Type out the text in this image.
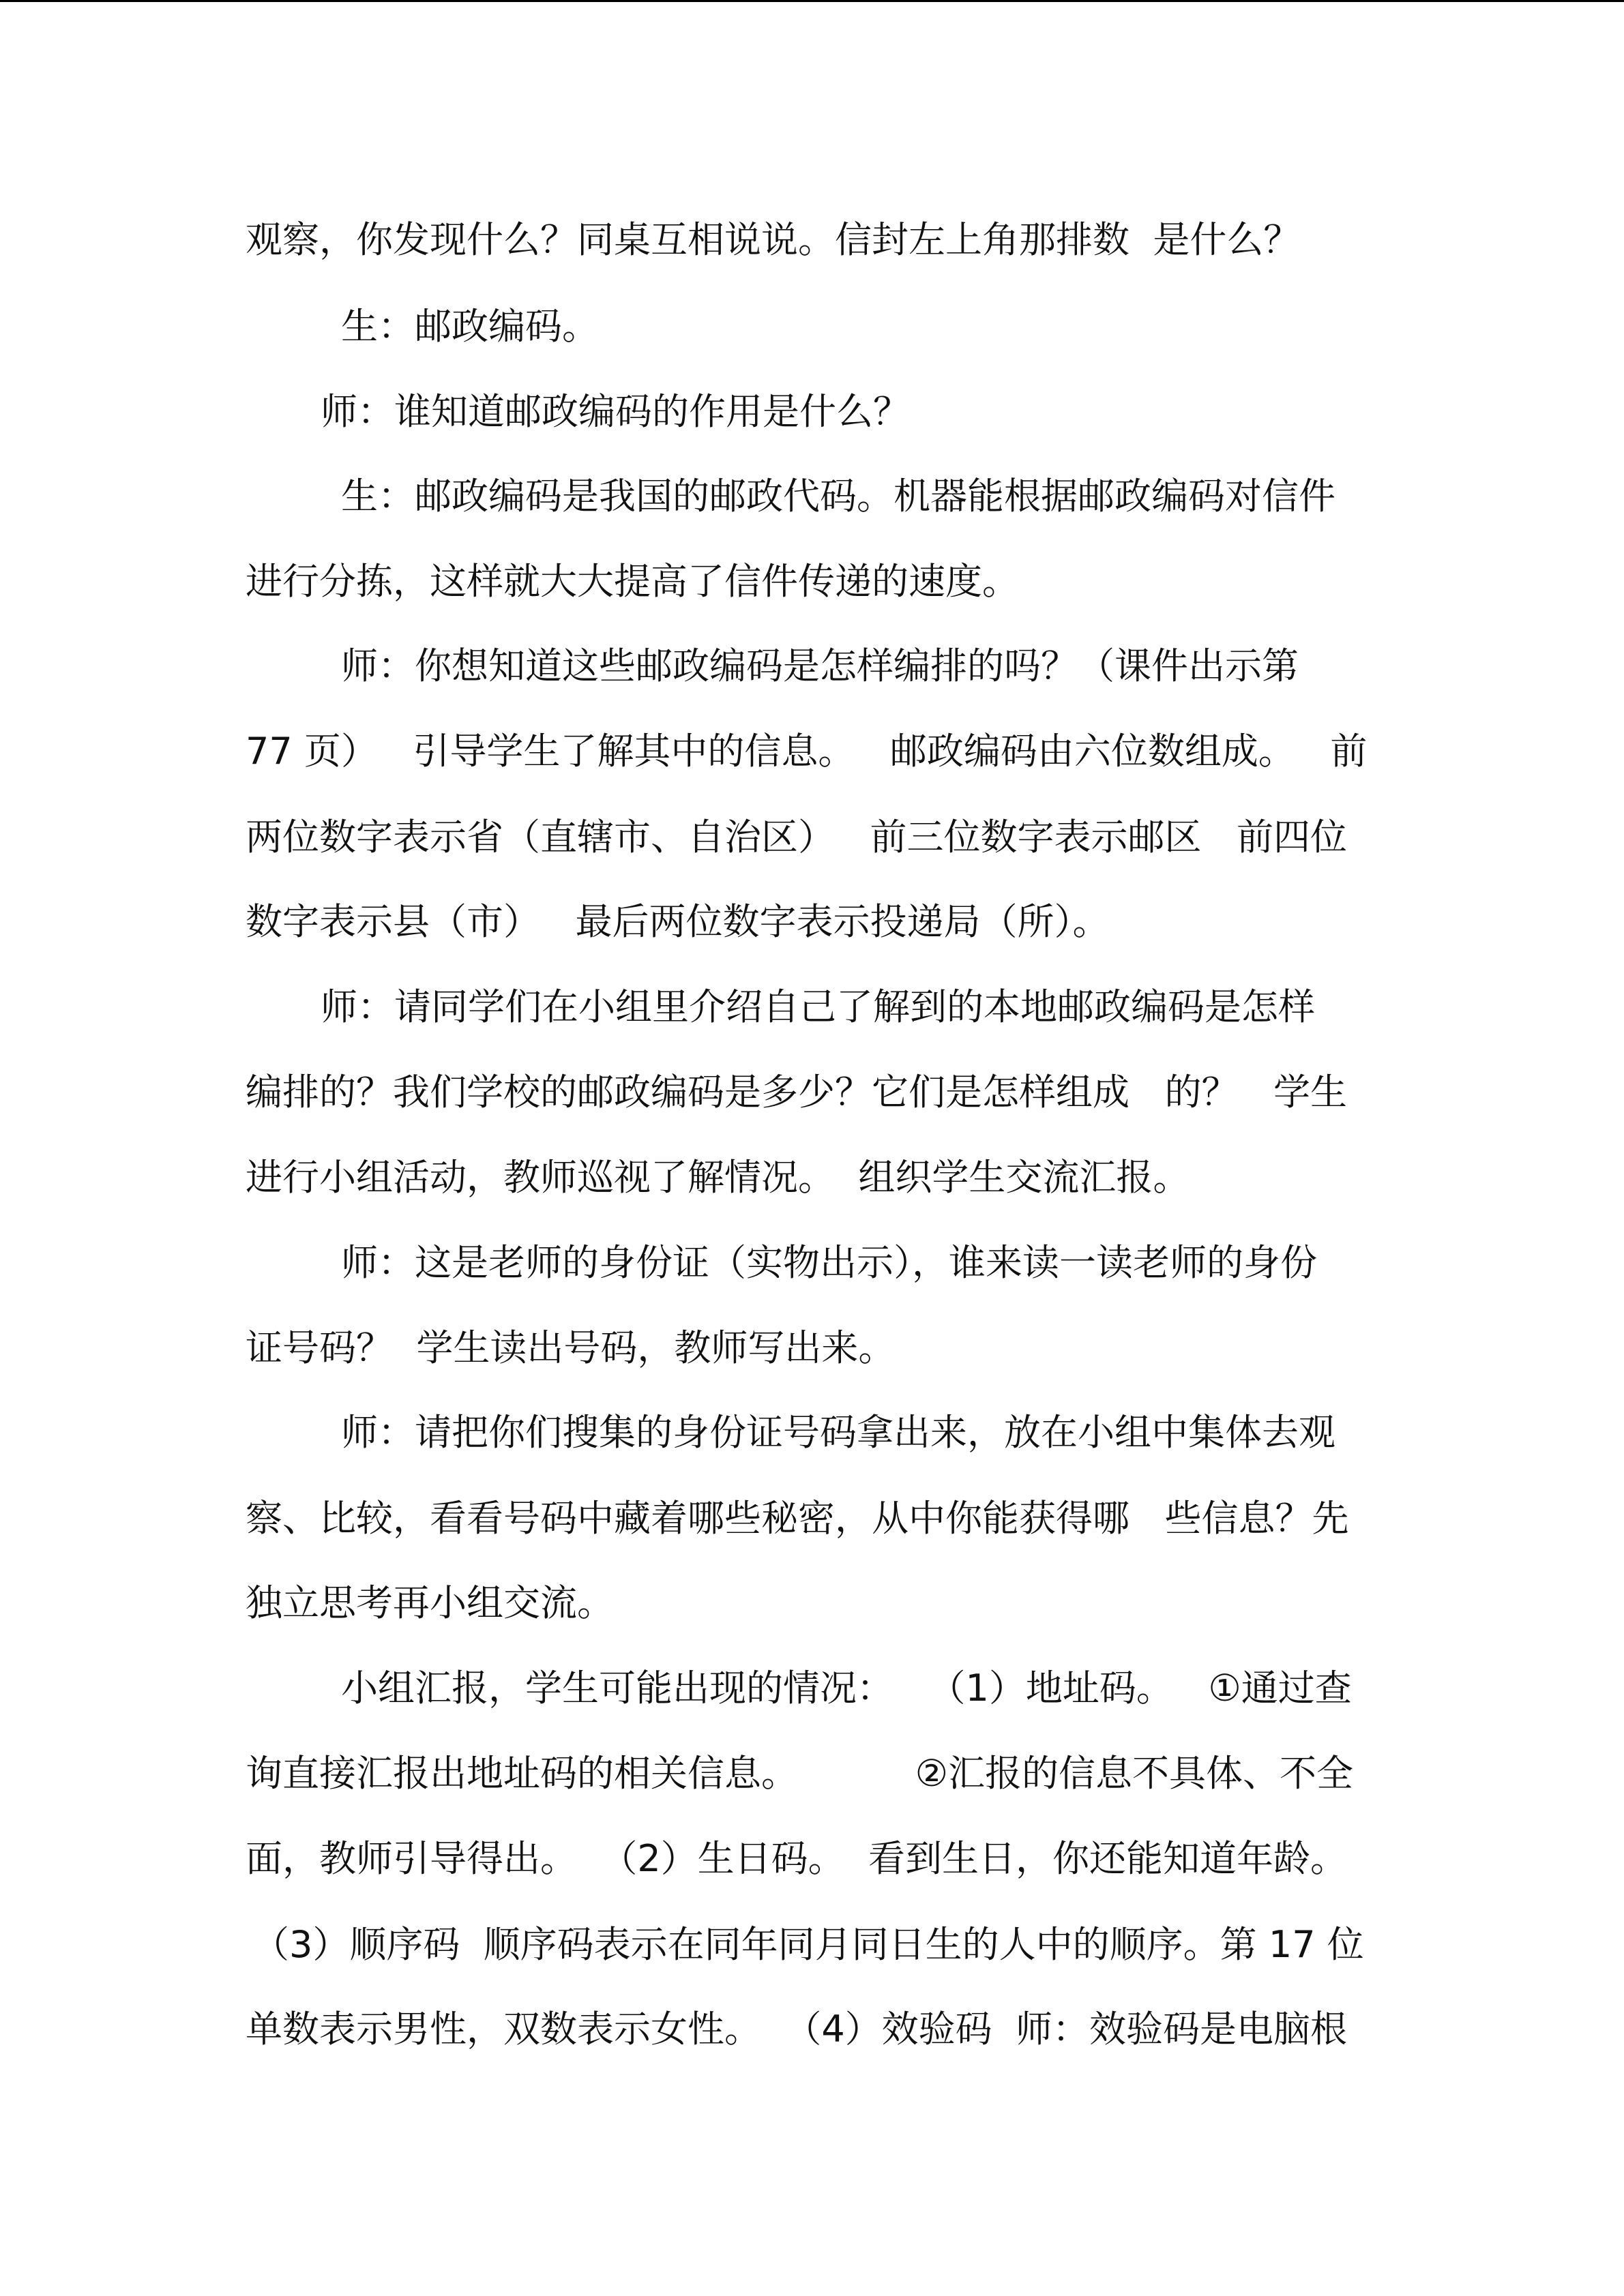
观察，你发现什么？同桌互相说说。信封左上角那排数  是什么？
生：邮政编码。
师：谁知道邮政编码的作用是什么？
生：邮政编码是我国的邮政代码。机器能根据邮政编码对信件
进行分拣，这样就大大提高了信件传递的速度。
师：你想知道这些邮政编码是怎样编排的吗？（课件出示第
77 页）   引导学生了解其中的信息。   邮政编码由六位数组成。   前
两位数字表示省（直辖市、自治区）   前三位数字表示邮区   前四位
数字表示县（市）   最后两位数字表示投递局（所）。
师：请同学们在小组里介绍自己了解到的本地邮政编码是怎样
编排的？我们学校的邮政编码是多少？它们是怎样组成   的？   学生
进行小组活动，教师巡视了解情况。  组织学生交流汇报。
师：这是老师的身份证（实物出示），谁来读一读老师的身份
证号码？  学生读出号码，教师写出来。
师：请把你们搜集的身份证号码拿出来，放在小组中集体去观
察、比较，看看号码中藏着哪些秘密，从中你能获得哪   些信息？先
独立思考再小组交流。
小组汇报，学生可能出现的情况：   （1）地址码。   ①通过查
询直接汇报出地址码的相关信息。          ②汇报的信息不具体、不全
面，教师引导得出。  （2）生日码。  看到生日，你还能知道年龄。
（3）顺序码  顺序码表示在同年同月同日生的人中的顺序。第 17 位
单数表示男性，双数表示女性。  （4）效验码  师：效验码是电脑根
